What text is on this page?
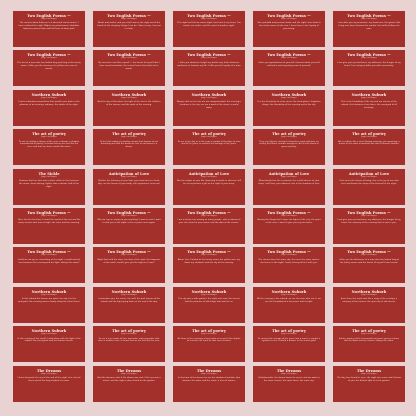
Two English Poems —
Jorge Luis Borges
The useless dawn finds me in a deserted street-corner; I have outlived the night. Nights are proud waves; darkblue topheavy waves laden with all hues of deep spoil.
Two English Poems —
Jorge Luis Borges
Words and smiles, and you said I was to the night out of the hands of the sleeping; things I can do, I dare to say, I am not in sleep.
Two English Poems —
Jorge Luis Borges
The night had left me some slight, taut hate in my heart. Our words, our smiles, and the quiet of another night.
Two English Poems —
Jorge Luis Borges
Your splendid and precious book, and the night, were both in the street-corner of the tree. I have been in the loyalty of your being.
Two English Poems —
Jorge Luis Borges
I can offer you my ancestors, my dead men, the ghosts that living men have honoured in marble: the bullet-hollow of a man.
Two English Poems —
Jorge Luis Borges
The lost of a man who has looked long and long at the lonely moon. I offer you the memory of a yellow rose seen at sunset.
Two English Poems —
Jorge Luis Borges
My ancestor, and then myself — the kernel of myself that I have saved somehow, the central heart that deals not in words.
Two English Poems —
Jorge Luis Borges
I offer you whatever insight my books may hold, whatever manliness or humour my life. I offer you the loyalty of a man.
Two English Poems —
Jorge Luis Borges
I offer you explanations of yourself, theories about yourself, authentic and surprising news of yourself.
Two English Poems —
Jorge Luis Borges
I can give you my loneliness, my darkness, the hunger of my heart; I am trying to bribe you with uncertainty.
Northern Suburb
Jorge Luis Borges
I had a suburban premonition that would come back to the pleasure of an evening, ordinary, the shade of the night.
Northern Suburb
Jorge Luis Borges
And the sky of this place, the light of the street, the children of the houses, and the quiet of the evening.
Northern Suburb
Jorge Luis Borges
Always that we feel we are not comprehended, the evening's tiredness is the sky, we are a word of the street, a world away.
Northern Suburb
Jorge Luis Borges
It is the friendship of a low street, the tired glance, forgotten things, the friendship of the evening and of the sky.
Northern Suburb
Jorge Luis Borges
This is the friendship of the sky and our streets of the suburb, the kindness of our faces, the courtyard of all evenings.
The art of poetry
Jorge Luis Borges
To see in nothing a theme of the river, a dream, a shadow remembered in poetry; to know that we are lost like the river, and that our faces vanish like water.
The art of poetry
Jorge Luis Borges
To feel that waking is another dream that dreams of not dreaming and that the death we fear in our bones is a dream.
The art of poetry
Jorge Luis Borges
To see in the day or in the year a symbol of the days of man and of his years, to convert the outrage of the years.
The art of poetry
Jorge Luis Borges
They say Ulysses, wearied of wonders, wept with love on seeing his Ithaca, humble and green. Art is that Ithaca of green eternity.
The art of poetry
Jorge Luis Borges
Art is endless like a river flowing, passing, yet remaining, a mirror to the same inconstant one who is himself another.
The Sickle
Jorge Luis Borges
Unaware that her face was a white sickle on the heavens, the moon, sleep-shining, lighter than a dream, half of the night.
Anticipation of Love
Jorge Luis Borges
Neither the intimacy of your look, your brow fair as a feast day, nor the favour of your body, still mysterious, reserved.
Anticipation of Love
Jorge Luis Borges
Nor the stages of your life, flowering in words or silences, will be so mysterious a gift as the sight of your sleep.
Anticipation of Love
Jorge Luis Borges
Miraculously free for a moment, the restful silence of your sleep; I will have your absence, lost in the shadows of love.
Anticipation of Love
Jorge Luis Borges
Cast up on the shores of being, this is the joy of one who sees and knows the sleep of the beloved in the night.
Two English Poems —
Jorge Luis Borges
Then, for the first time, I heard the sound of the sea and the lonely streets that met at night, the stars and the morning.
Two English Poems —
Jorge Luis Borges
Why do I go on saying to you anything? I want to rest, I want to find you in the night, to be at peace once again.
Two English Poems —
Jorge Luis Borges
I am a lonely man among so many people, with no dream of you, the sound of your name, and the dark of the streets.
Two English Poems —
Jorge Luis Borges
Among the things that I keep, the lights of the city, the quiet of the river, I want to give you my lost hours.
Two English Poems —
Jorge Luis Borges
I can give you my loneliness, my darkness, the hunger of my heart, the memory of the evening that is now in you.
Two English Poems —
Jorge Luis Borges
Could we not go on, something of the night, a small word of love between the evening and the light, always the same?
Two English Poems —
Jorge Luis Borges
Night that held the stars, the dust of the road, the fragrance of the earth; could I give you the night as it was?
Two English Poems —
Jorge Luis Borges
Alone, lost, I looked at the lonely moon, the yellow rose, my dead, my shadows, and the sky of the evening.
Two English Poems —
Jorge Luis Borges
The streets have the same sky, the trees the same names, the lovers in the night; I want to keep all of it with you.
Two English Poems —
Jorge Luis Borges
I offer you the bitterness of a man who has looked long at the lonely moon, and the kernel of myself I have saved.
Northern Suburb
Jorge Luis Borges
In this suburb the houses are quiet, the sky is in the courtyard, the evening moves slowly along the silent street.
Northern Suburb
Jorge Luis Borges
I remember you, the street, the wall, the pink houses of the suburb and the light going down at the end of the day.
Northern Suburb
Jorge Luis Borges
The sky was a wide garden, the night was near, the streets had the patience of old things that wait for us.
Northern Suburb
Jorge Luis Borges
All the evening in the suburb, we are the ones who see it, we are the friendship of a low street and its light.
Northern Suburb
Jorge Luis Borges
Even then, the north was like a song of the evening, a memory of the houses, the quiet sky of old streets.
Northern Suburb
Jorge Luis Borges
In this evening of the world, I walk alone with the light of the suburb, the courtyards and the distant streets.
The art of poetry
Jorge Luis Borges
To see a river made of time and water and remember that time is another river, to know that we are lost like the river.
The art of poetry
Jorge Luis Borges
At times in the evenings a face looks at us out of the depths of a mirror; art must be that sort of mirror.
The art of poetry
Jorge Luis Borges
To convert the outrage of the years into a music, a sound, a symbol: to see in death a dream, in the sunset gold.
The art of poetry
Jorge Luis Borges
Such is poetry which is immortal and poor; poetry returns like the dawn and the sunset, always the same.
The Dreams
Jorge Luis Borges
I have dreamed of a sea at the end of the night, of a river of faces and of the long shadow of a man.
The Dreams
Jorge Luis Borges
And the dreamer asks if the dream was real, if the sea was a mirror, and the night a door closed on the garden.
The Dreams
Jorge Luis Borges
In the hour of the dream we are the shadow of another who dreams, the water and the stone, a river of names.
The Dreams
Jorge Luis Borges
Unfathomable, the dream keeps its secret, and we wake to the same streets, the same faces, the same sky.
The Dreams
Jorge Luis Borges
The day has closed its eyes, the night has come, and I dream of you, the distant light of a lost garden.
